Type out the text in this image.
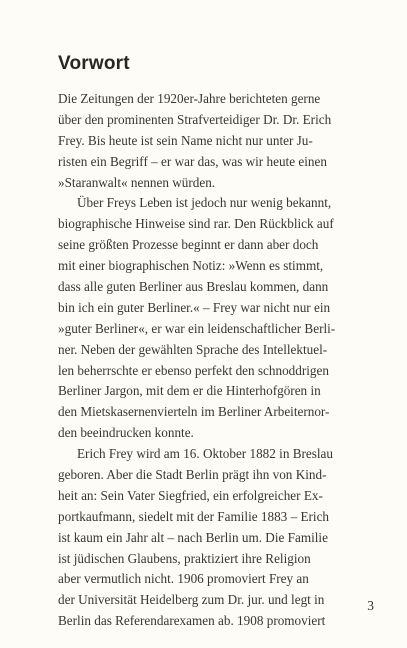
Vorwort
Die Zeitungen der 1920er-Jahre berichteten gerne
über den prominenten Strafverteidiger Dr. Dr. Erich
Frey. Bis heute ist sein Name nicht nur unter Ju-
risten ein Begriff – er war das, was wir heute einen
»Staranwalt« nennen würden.
Über Freys Leben ist jedoch nur wenig bekannt,
biographische Hinweise sind rar. Den Rückblick auf
seine größten Prozesse beginnt er dann aber doch
mit einer biographischen Notiz: »Wenn es stimmt,
dass alle guten Berliner aus Breslau kommen, dann
bin ich ein guter Berliner.« – Frey war nicht nur ein
»guter Berliner«, er war ein leidenschaftlicher Berli-
ner. Neben der gewählten Sprache des Intellektuel-
len beherrschte er ebenso perfekt den schnoddrigen
Berliner Jargon, mit dem er die Hinterhofgören in
den Mietskasernenvierteln im Berliner Arbeiternor-
den beeindrucken konnte.
Erich Frey wird am 16. Oktober 1882 in Breslau
geboren. Aber die Stadt Berlin prägt ihn von Kind-
heit an: Sein Vater Siegfried, ein erfolgreicher Ex-
portkaufmann, siedelt mit der Familie 1883 – Erich
ist kaum ein Jahr alt – nach Berlin um. Die Familie
ist jüdischen Glaubens, praktiziert ihre Religion
aber vermutlich nicht. 1906 promoviert Frey an
der Universität Heidelberg zum Dr. jur. und legt in
Berlin das Referendarexamen ab. 1908 promoviert
3
